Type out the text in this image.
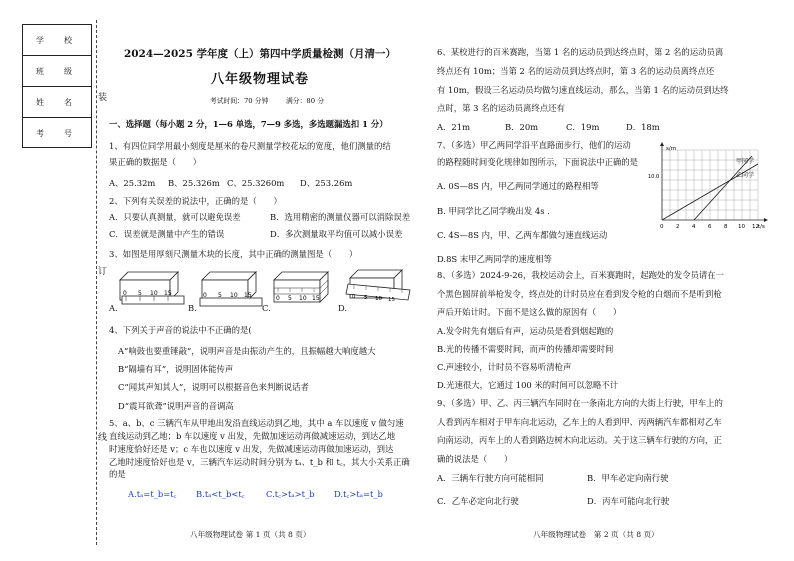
学　校
班　级
姓　名
考　号
装
订
线
2024—2025 学年度（上）第四中学质量检测（月清一）
八年级物理试卷
考试时间：70 分钟	满分：80 分
一、选择题（每小题 2 分，1—6 单选，7—9 多选，多选题漏选扣 1 分）
1、有四位同学用最小刻度是厘米的卷尺测量学校花坛的宽度，他们测量的结
果正确的数据是（　　）
A、25.32m B、25.326m C、25.3260m D、253.26m
2、下列有关误差的说法中，正确的是（　　）
A．只要认真测量，就可以避免误差	B．选用精密的测量仪器可以消除误差
C．误差就是测量中产生的错误	D．多次测量取平均值可以减小误差
3、如图是用厚刻尺测量木块的长度，其中正确的测量图是（　　）
0 5 10 15
A.
0 5 10 15
B.
0 5 10 15
C.
0 5 10 15
D.
4、下列关于声音的说法中不正确的是(
A“响鼓也要重锤敲”，说明声音是由振动产生的，且振幅越大响度越大
B“隔墙有耳”，说明固体能传声
C“闻其声知其人”，说明可以根据音色来判断说话者
D“震耳欲聋”说明声音的音调高
5、a、b、c 三辆汽车从甲地出发沿直线运动到乙地，其中 a 车以速度 v 做匀速
直线运动到乙地；b 车以速度 v 出发，先做加速运动再做减速运动，到达乙地
时速度恰好还是 v；c 车也以速度 v 出发，先做减速运动再做加速运动，到达
乙地时速度恰好也是 v，三辆汽车运动时间分别为 tₐ、t_b 和 t꜀，其大小关系正确
的是
A.tₐ=t_b=t꜀ B.tₐ<t_b<t꜀	C.t꜀>tₐ>t_b D.t꜀>tₐ=t_b
八年级物理试卷 第 1 页（共 8 页）
6、某校进行的百米赛跑，当第 1 名的运动员到达终点时，第 2 名的运动员离
终点还有 10m；当第 2 名的运动员到达终点时，第 3 名的运动员离终点还
有 10m，假设三名运动员均做匀速直线运动，那么，当第 1 名的运动员到达终
点时，第 3 名的运动员离终点还有
A．21m	B．20m	C．19m	D．18m
7、（多选）甲乙两同学沿平直路面步行，他们的运动
的路程随时间变化规律如图所示，下面说法中正确的是
A. 0S—8S 内，甲乙两同学通过的路程相等
B. 甲同学比乙同学晚出发 4s ．
C. 4S—8S 内，甲、乙两车都做匀速直线运动
D.8S 末甲乙两同学的速度相等
s/m
10.0
t/s
0 2 4 6 8 10 12
甲同学
乙同学
8、（多选）2024-9-26，我校运动会上，百米赛跑时，起跑处的发令员请在一
个黑色圆屏前举枪发令，终点处的计时员应在看到发令枪的白烟而不是听到枪
声后开始计时。下面不是这么做的原因有（　　）
A.发令时先有烟后有声，运动员是看到烟起跑的
B.光的传播不需要时间，而声的传播却需要时间
C.声速较小，计时员不容易听清枪声
D.光速很大，它通过 100 米的时间可以忽略不计
9、（多选）甲、乙、丙三辆汽车同时在一条南北方向的大街上行驶，甲车上的
人看到丙车相对于甲车向北运动，乙车上的人看到甲、丙两辆汽车都相对乙车
向南运动，丙车上的人看到路边树木向北运动。关于这三辆车行驶的方向，正
确的说法是（　　）
A．三辆车行驶方向可能相同	B．甲车必定向南行驶
C．乙车必定向北行驶	D．丙车可能向北行驶
八年级物理试卷　第 2 页（共 8 页）
